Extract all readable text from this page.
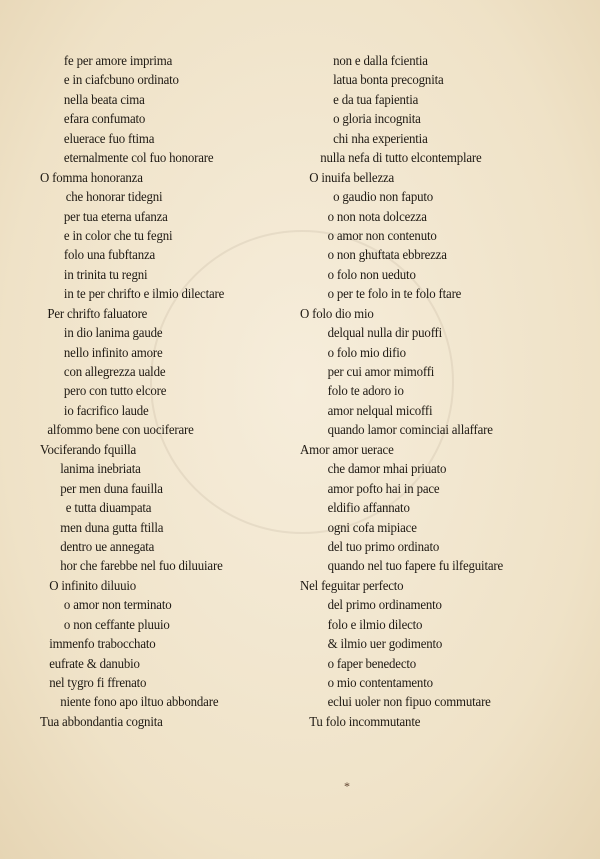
fe per amore imprima
e in ciafcbuno ordinato
nella beata cima
efara confumato
eluerace fuo ftima
eternalmente col fuo honorare
O fomma honoranza
che honorar tidegni
per tua eterna ufanza
e in color che tu fegni
folo una fubftanza
in trinita tu regni
in te per chrifto e ilmio dilectare
Per chrifto faluatore
in dio lanima gaude
nello infinito amore
con allegrezza ualde
pero con tutto elcore
io facrifico laude
alfommo bene con uociferare
Vociferando fquilla
lanima inebriata
per men duna fauilla
e tutta diuampata
men duna gutta ftilla
dentro ue annegata
hor che farebbe nel fuo diluuiare
O infinito diluuio
o amor non terminato
o non ceffante pluuio
immenfo trabocchato
eufrate & danubio
nel tygro fi ffrenato
niente fono apo iltuo abbondare
Tua abbondantia cognita
non e dalla fcientia
latua bonta precognita
e da tua fapientia
o gloria incognita
chi nha experientia
nulla nefa di tutto elcontemplare
O inuifa bellezza
o gaudio non faputo
o non nota dolcezza
o amor non contenuto
o non ghuftata ebbrezza
o folo non ueduto
o per te folo in te folo ftare
O folo dio mio
delqual nulla dir puoffi
o folo mio difio
per cui amor mimoffi
folo te adoro io
amor nelqual micoffi
quando lamor cominciai allaffare
Amor amor uerace
che damor mhai priuato
amor pofto hai in pace
eldifio affannato
ogni cofa mipiace
del tuo primo ordinato
quando nel tuo fapere fu ilfeguitare
Nel feguitar perfecto
del primo ordinamento
folo e ilmio dilecto
& ilmio uer godimento
o faper benedecto
o mio contentamento
eclui uoler non fipuo commutare
Tu folo incommutante
*
